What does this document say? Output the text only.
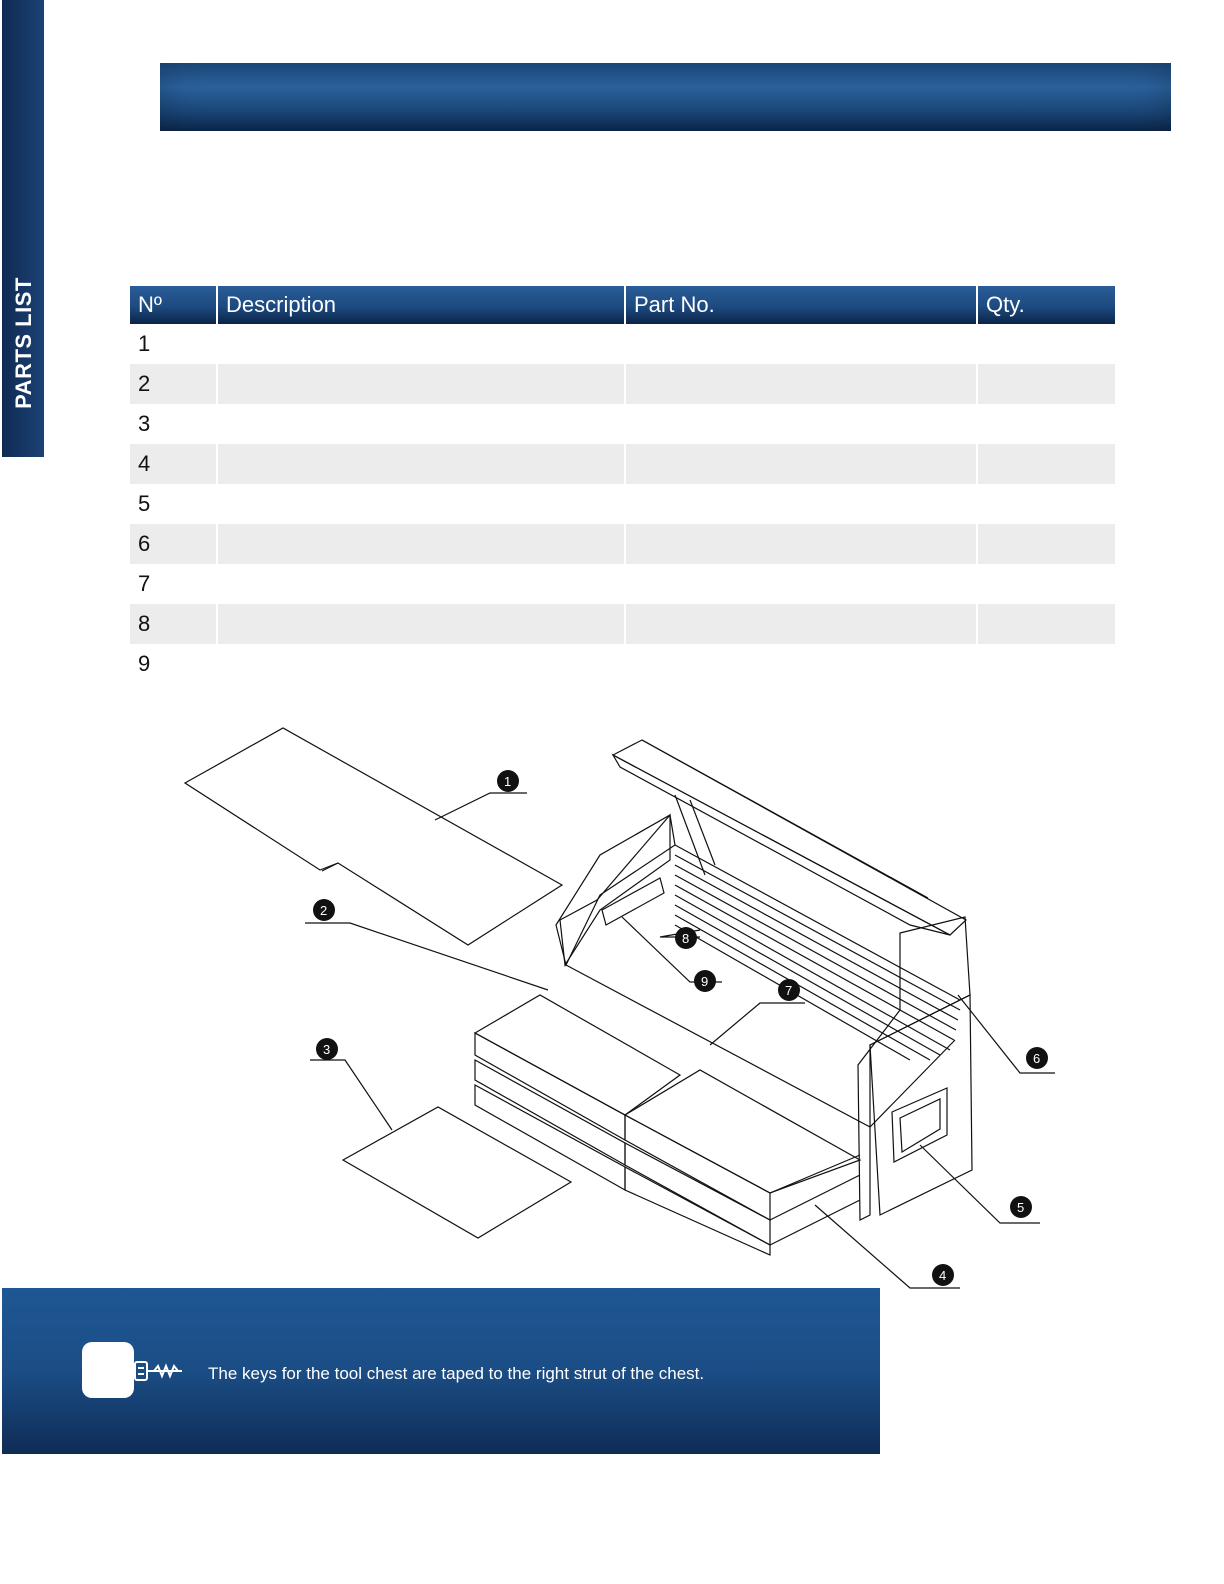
PARTS LIST	Nº	Description	Part No.	Qty.
1			
2			
3			
4			
5			
6			
7			
8			
9			
1
2
3
4
5
6
7
8
9
The keys for the tool chest are taped to the right strut of the chest.
